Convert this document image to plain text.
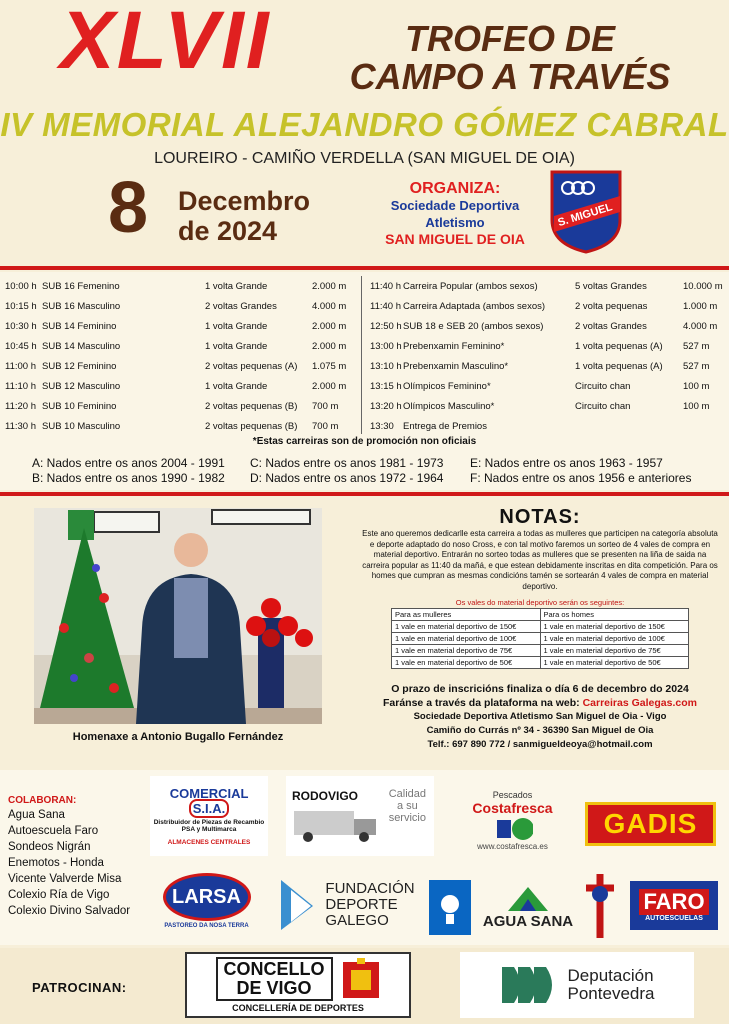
XLVII	TROFEO DE
CAMPO A TRAVÉS
IV MEMORIAL ALEJANDRO GÓMEZ CABRAL
LOUREIRO - CAMIÑO VERDELLA (SAN MIGUEL DE OIA)
8 Decembro
de 2024
ORGANIZA:
Sociedade Deportiva
Atletismo
SAN MIGUEL DE OIA
S. MIGUEL
10:00 h SUB 16 Femenino	1 volta Grande	2.000 m
10:15 h SUB 16 Masculino	2 voltas Grandes	4.000 m
10:30 h SUB 14 Feminino	1 volta Grande	2.000 m
10:45 h SUB 14 Masculino	1 volta Grande	2.000 m
11:00 h SUB 12 Feminino	2 voltas pequenas (A)	1.075 m
11:10 h SUB 12 Masculino	1 volta Grande	2.000 m
11:20 h SUB 10 Feminino	2 voltas pequenas (B)	700 m
11:30 h SUB 10 Masculino	2 voltas pequenas (B)	700 m
11:40 h Carreira Popular (ambos sexos)	5 voltas Grandes	10.000 m
11:40 h Carreira Adaptada (ambos sexos)	2 volta pequenas	1.000 m
12:50 h SUB 18 e SEB 20 (ambos sexos)	2 voltas Grandes	4.000 m
13:00 h Prebenxamin Feminino*	1 volta pequenas (A)	527 m
13:10 h Prebenxamin Masculino*	1 volta pequenas (A)	527 m
13:15 h Olímpicos Feminino*	Circuito chan	100 m
13:20 h Olímpicos Masculino*	Circuito chan	100 m
13:30 Entrega de Premios
*Estas carreiras son de promoción non oficiais
A: Nados entre os anos 2004 - 1991
B: Nados entre os anos 1990 - 1982
C: Nados entre os anos 1981 - 1973
D: Nados entre os anos 1972 - 1964
E: Nados entre os anos 1963 - 1957
F: Nados entre os anos 1956 e anteriores
Homenaxe a Antonio Bugallo Fernández
NOTAS:
Este ano queremos dedicarlle esta carreira a todas as mulleres que participen na categoría absoluta e deporte adaptado do noso Cross, e con tal motivo faremos un sorteo de 4 vales de compra en material deportivo. Entrarán no sorteo todas as mulleres que se presenten na liña de saida na carreira popular as 11:40 da mañá, e que estean debidamente inscritas en dita competición. Para os homes que cumpran as mesmas condicións tamén se sortearán 4 vales de compra en material deportivo.
Os vales do material deportivo serán os seguintes:
Para as mulleres	Para os homes
1 vale en material deportivo de 150€	1 vale en material deportivo de 150€
1 vale en material deportivo de 100€	1 vale en material deportivo de 100€
1 vale en material deportivo de 75€	1 vale en material deportivo de 75€
1 vale en material deportivo de 50€	1 vale en material deportivo de 50€
O prazo de inscricións finaliza o día 6 de decembro do 2024
Faránse a través da plataforma na web: Carreiras Galegas.com
Sociedade Deportiva Atletismo San Miguel de Oia - Vigo
Camiño do Currás nº 34 - 36390 San Miguel de Oia
Telf.: 697 890 772 / sanmigueldeoya@hotmail.com
COLABORAN:
Agua Sana
Autoescuela Faro
Sondeos Nigrán
Enemotos - Honda
Vicente Valverde Misa
Colexio Ría de Vigo
Colexio Divino Salvador
COMERCIAL S.I.A.
Distribuidor de Piezas de Recambio
PSA y Multimarca
ALMACENES CENTRALES
RODOVIGO	Calidad
a su
servicio
Pescados
Costafresca
www.costafresca.es
GADIS
LARSA
PASTOREO DA NOSA TERRA
FUNDACIÓN
DEPORTE
GALEGO	AGUA SANA
FARO
AUTOESCUELAS
PATROCINAN:
CONCELLO
DE VIGO
CONCELLERÍA DE DEPORTES
Deputación
Pontevedra
